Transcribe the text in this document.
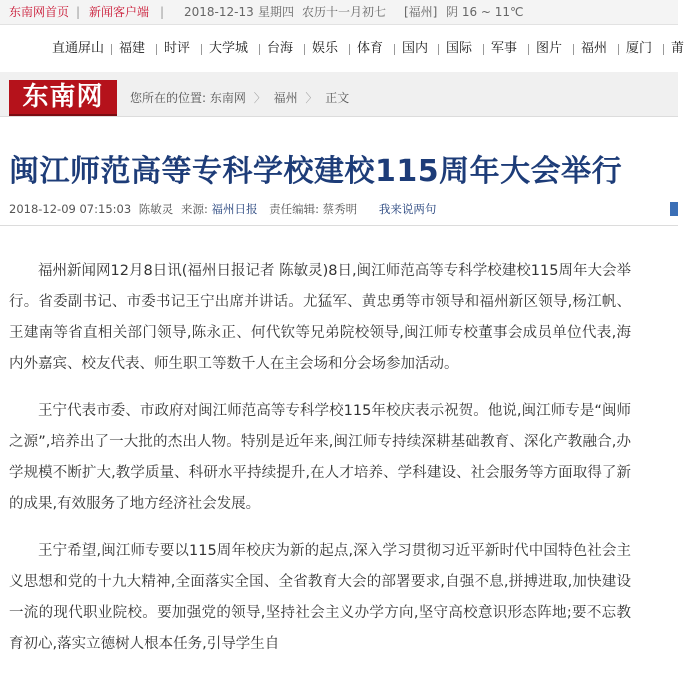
东南网首页 | 新闻客户端 | 2018-12-13 星期四 农历十一月初七 [福州] 阴 16 ~ 11℃
直通屏山 福建 时评 大学城 台海 娱乐 体育 国内 国际 军事 图片 福州 厦门 莆
东南网	您所在的位置: 东南网 〉 福州 〉 正文
闽江师范高等专科学校建校115周年大会举行
2018-12-09 07:15:03 陈敏灵 来源: 福州日报 责任编辑: 蔡秀明 我来说两句

福州新闻网12月8日讯(福州日报记者 陈敏灵)8日,闽江师范高等专科学校建校115周年大会举行。省委副书记、市委书记王宁出席并讲话。尤猛军、黄忠勇等市领导和福州新区领导,杨江帆、王建南等省直相关部门领导,陈永正、何代钦等兄弟院校领导,闽江师专校董事会成员单位代表,海内外嘉宾、校友代表、师生职工等数千人在主会场和分会场参加活动。

王宁代表市委、市政府对闽江师范高等专科学校115年校庆表示祝贺。他说,闽江师专是“闽师之源”,培养出了一大批的杰出人物。特别是近年来,闽江师专持续深耕基础教育、深化产教融合,办学规模不断扩大,教学质量、科研水平持续提升,在人才培养、学科建设、社会服务等方面取得了新的成果,有效服务了地方经济社会发展。

王宁希望,闽江师专要以115周年校庆为新的起点,深入学习贯彻习近平新时代中国特色社会主义思想和党的十九大精神,全面落实全国、全省教育大会的部署要求,自强不息,拼搏进取,加快建设一流的现代职业院校。要加强党的领导,坚持社会主义办学方向,坚守高校意识形态阵地;要不忘教育初心,落实立德树人根本任务,引导学生自
